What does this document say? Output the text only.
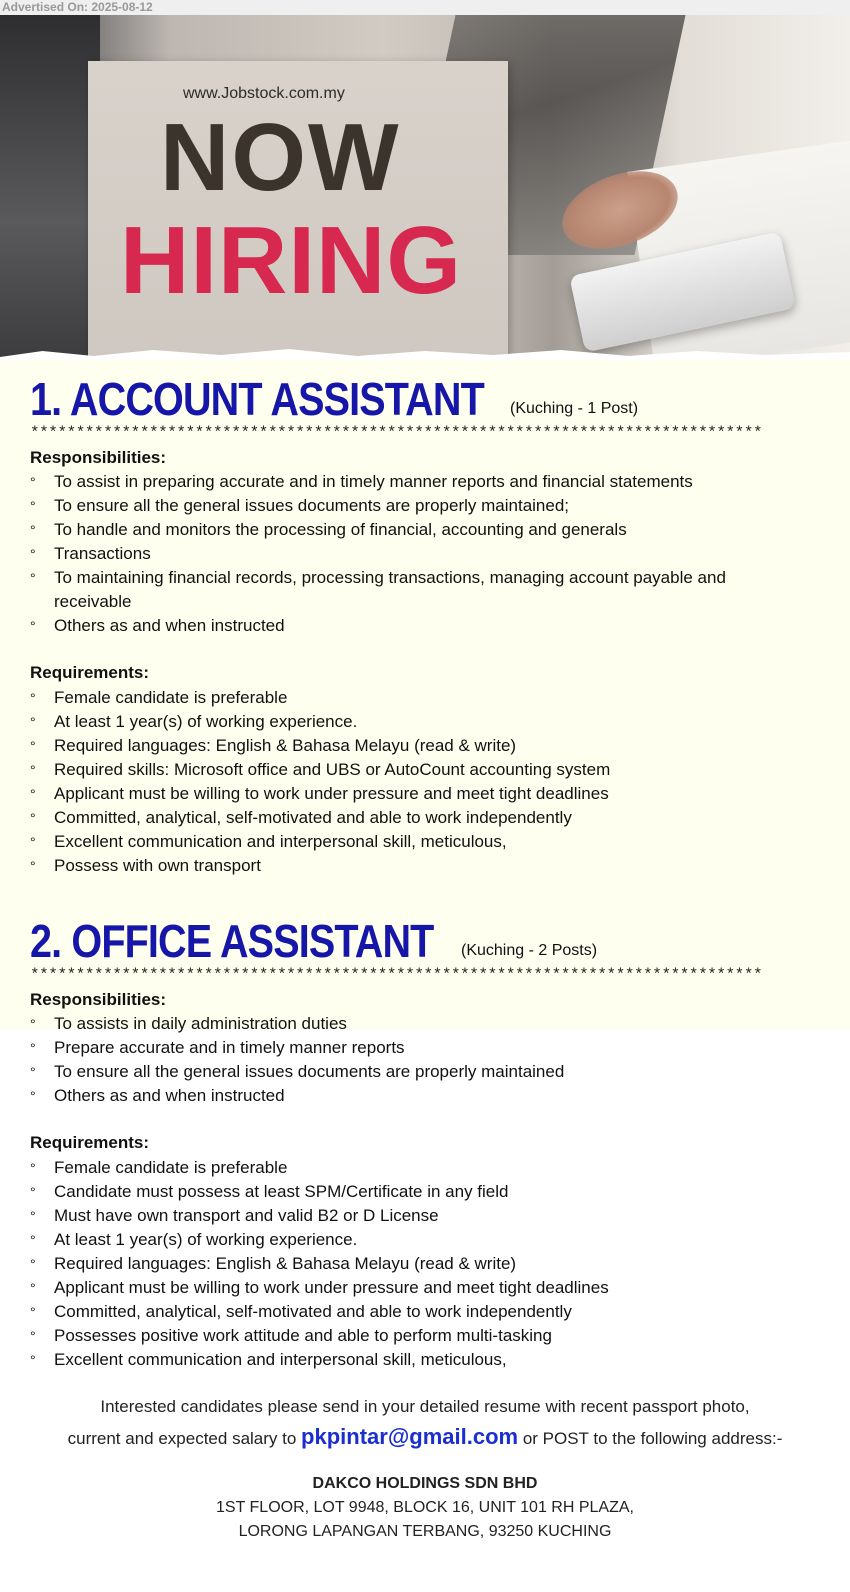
Advertised On: 2025-08-12
www.Jobstock.com.my
NOW
HIRING
1. ACCOUNT ASSISTANT (Kuching - 1 Post)
********************************************************************************
Responsibilities:
° To assist in preparing accurate and in timely manner reports and financial statements
° To ensure all the general issues documents are properly maintained;
° To handle and monitors the processing of financial, accounting and generals
° Transactions
° To maintaining financial records, processing transactions, managing account payable and receivable
° Others as and when instructed
Requirements:
° Female candidate is preferable
° At least 1 year(s) of working experience.
° Required languages: English & Bahasa Melayu (read & write)
° Required skills: Microsoft office and UBS or AutoCount accounting system
° Applicant must be willing to work under pressure and meet tight deadlines
° Committed, analytical, self-motivated and able to work independently
° Excellent communication and interpersonal skill, meticulous,
° Possess with own transport
2. OFFICE ASSISTANT (Kuching - 2 Posts)
********************************************************************************
Responsibilities:
° To assists in daily administration duties
° Prepare accurate and in timely manner reports
° To ensure all the general issues documents are properly maintained
° Others as and when instructed
Requirements:
° Female candidate is preferable
° Candidate must possess at least SPM/Certificate in any field
° Must have own transport and valid B2 or D License
° At least 1 year(s) of working experience.
° Required languages: English & Bahasa Melayu (read & write)
° Applicant must be willing to work under pressure and meet tight deadlines
° Committed, analytical, self-motivated and able to work independently
° Possesses positive work attitude and able to perform multi-tasking
° Excellent communication and interpersonal skill, meticulous,
Interested candidates please send in your detailed resume with recent passport photo,
current and expected salary to pkpintar@gmail.com or POST to the following address:-
DAKCO HOLDINGS SDN BHD
1ST FLOOR, LOT 9948, BLOCK 16, UNIT 101 RH PLAZA,
LORONG LAPANGAN TERBANG, 93250 KUCHING
